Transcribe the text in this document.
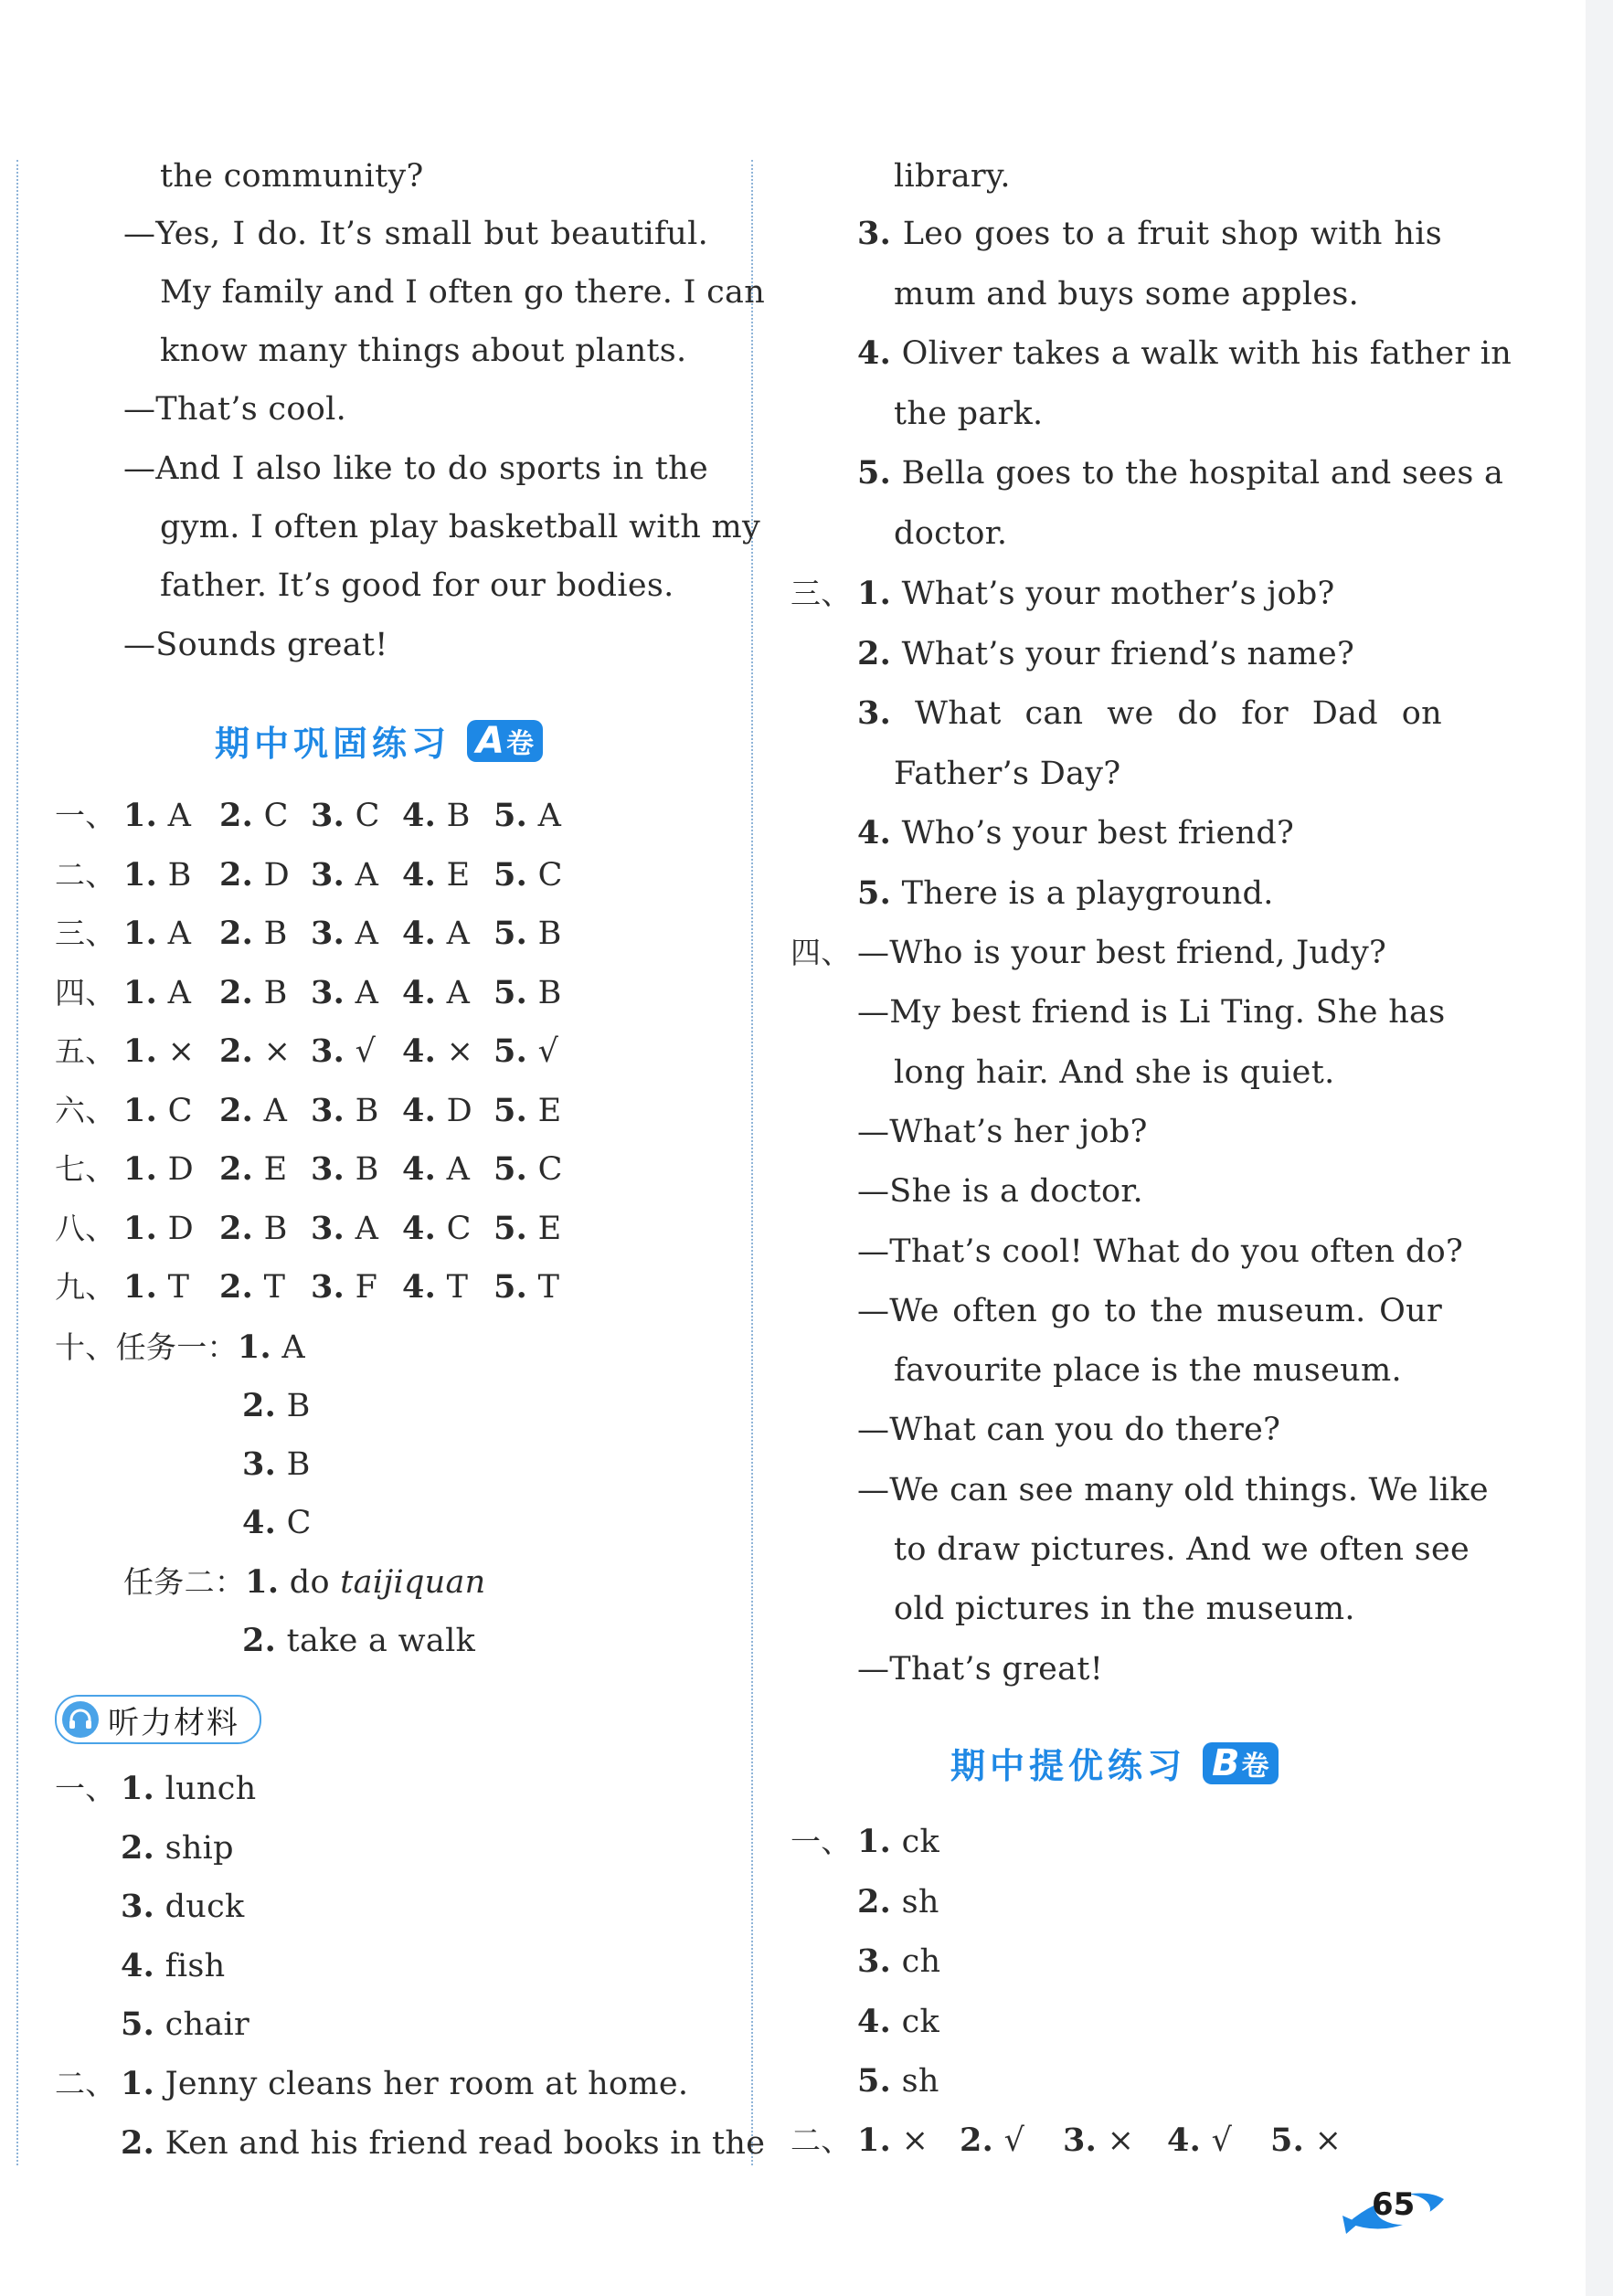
the community?
—Yes, I do. It’s small but beautiful.
My family and I often go there. I can
know many things about plants.
—That’s cool.
—And I also like to do sports in the
gym. I often play basketball with my
father. It’s good for our bodies.
—Sounds great!
期中巩固练习 A 卷
一、 1. A 2. C 3. C 4. B 5. A
二、 1. B 2. D 3. A 4. E 5. C
三、 1. A 2. B 3. A 4. A 5. B
四、 1. A 2. B 3. A 4. A 5. B
五、 1. × 2. × 3. √ 4. × 5. √
六、 1. C 2. A 3. B 4. D 5. E
七、 1. D 2. E 3. B 4. A 5. C
八、 1. D 2. B 3. A 4. C 5. E
九、 1. T 2. T 3. F 4. T 5. T
十、任务一：1. A
2. B
3. B
4. C
任务二：1. do taijiquan
2. take a walk
听力材料
一、 1. lunch
2. ship
3. duck
4. fish
5. chair
二、 1. Jenny cleans her room at home.
2. Ken and his friend read books in the
library.
3. Leo goes to a fruit shop with his
mum and buys some apples.
4. Oliver takes a walk with his father in
the park.
5. Bella goes to the hospital and sees a
doctor.
三、 1. What’s your mother’s job?
2. What’s your friend’s name?
3. What can we do for Dad on
Father’s Day?
4. Who’s your best friend?
5. There is a playground.
四、 —Who is your best friend, Judy?
—My best friend is Li Ting. She has
long hair. And she is quiet.
—What’s her job?
—She is a doctor.
—That’s cool! What do you often do?
—We often go to the museum. Our
favourite place is the museum.
—What can you do there?
—We can see many old things. We like
to draw pictures. And we often see
old pictures in the museum.
—That’s great!
期中提优练习 B 卷
一、 1. ck
2. sh
3. ch
4. ck
5. sh
二、 1. × 2. √ 3. × 4. √ 5. ×
65
